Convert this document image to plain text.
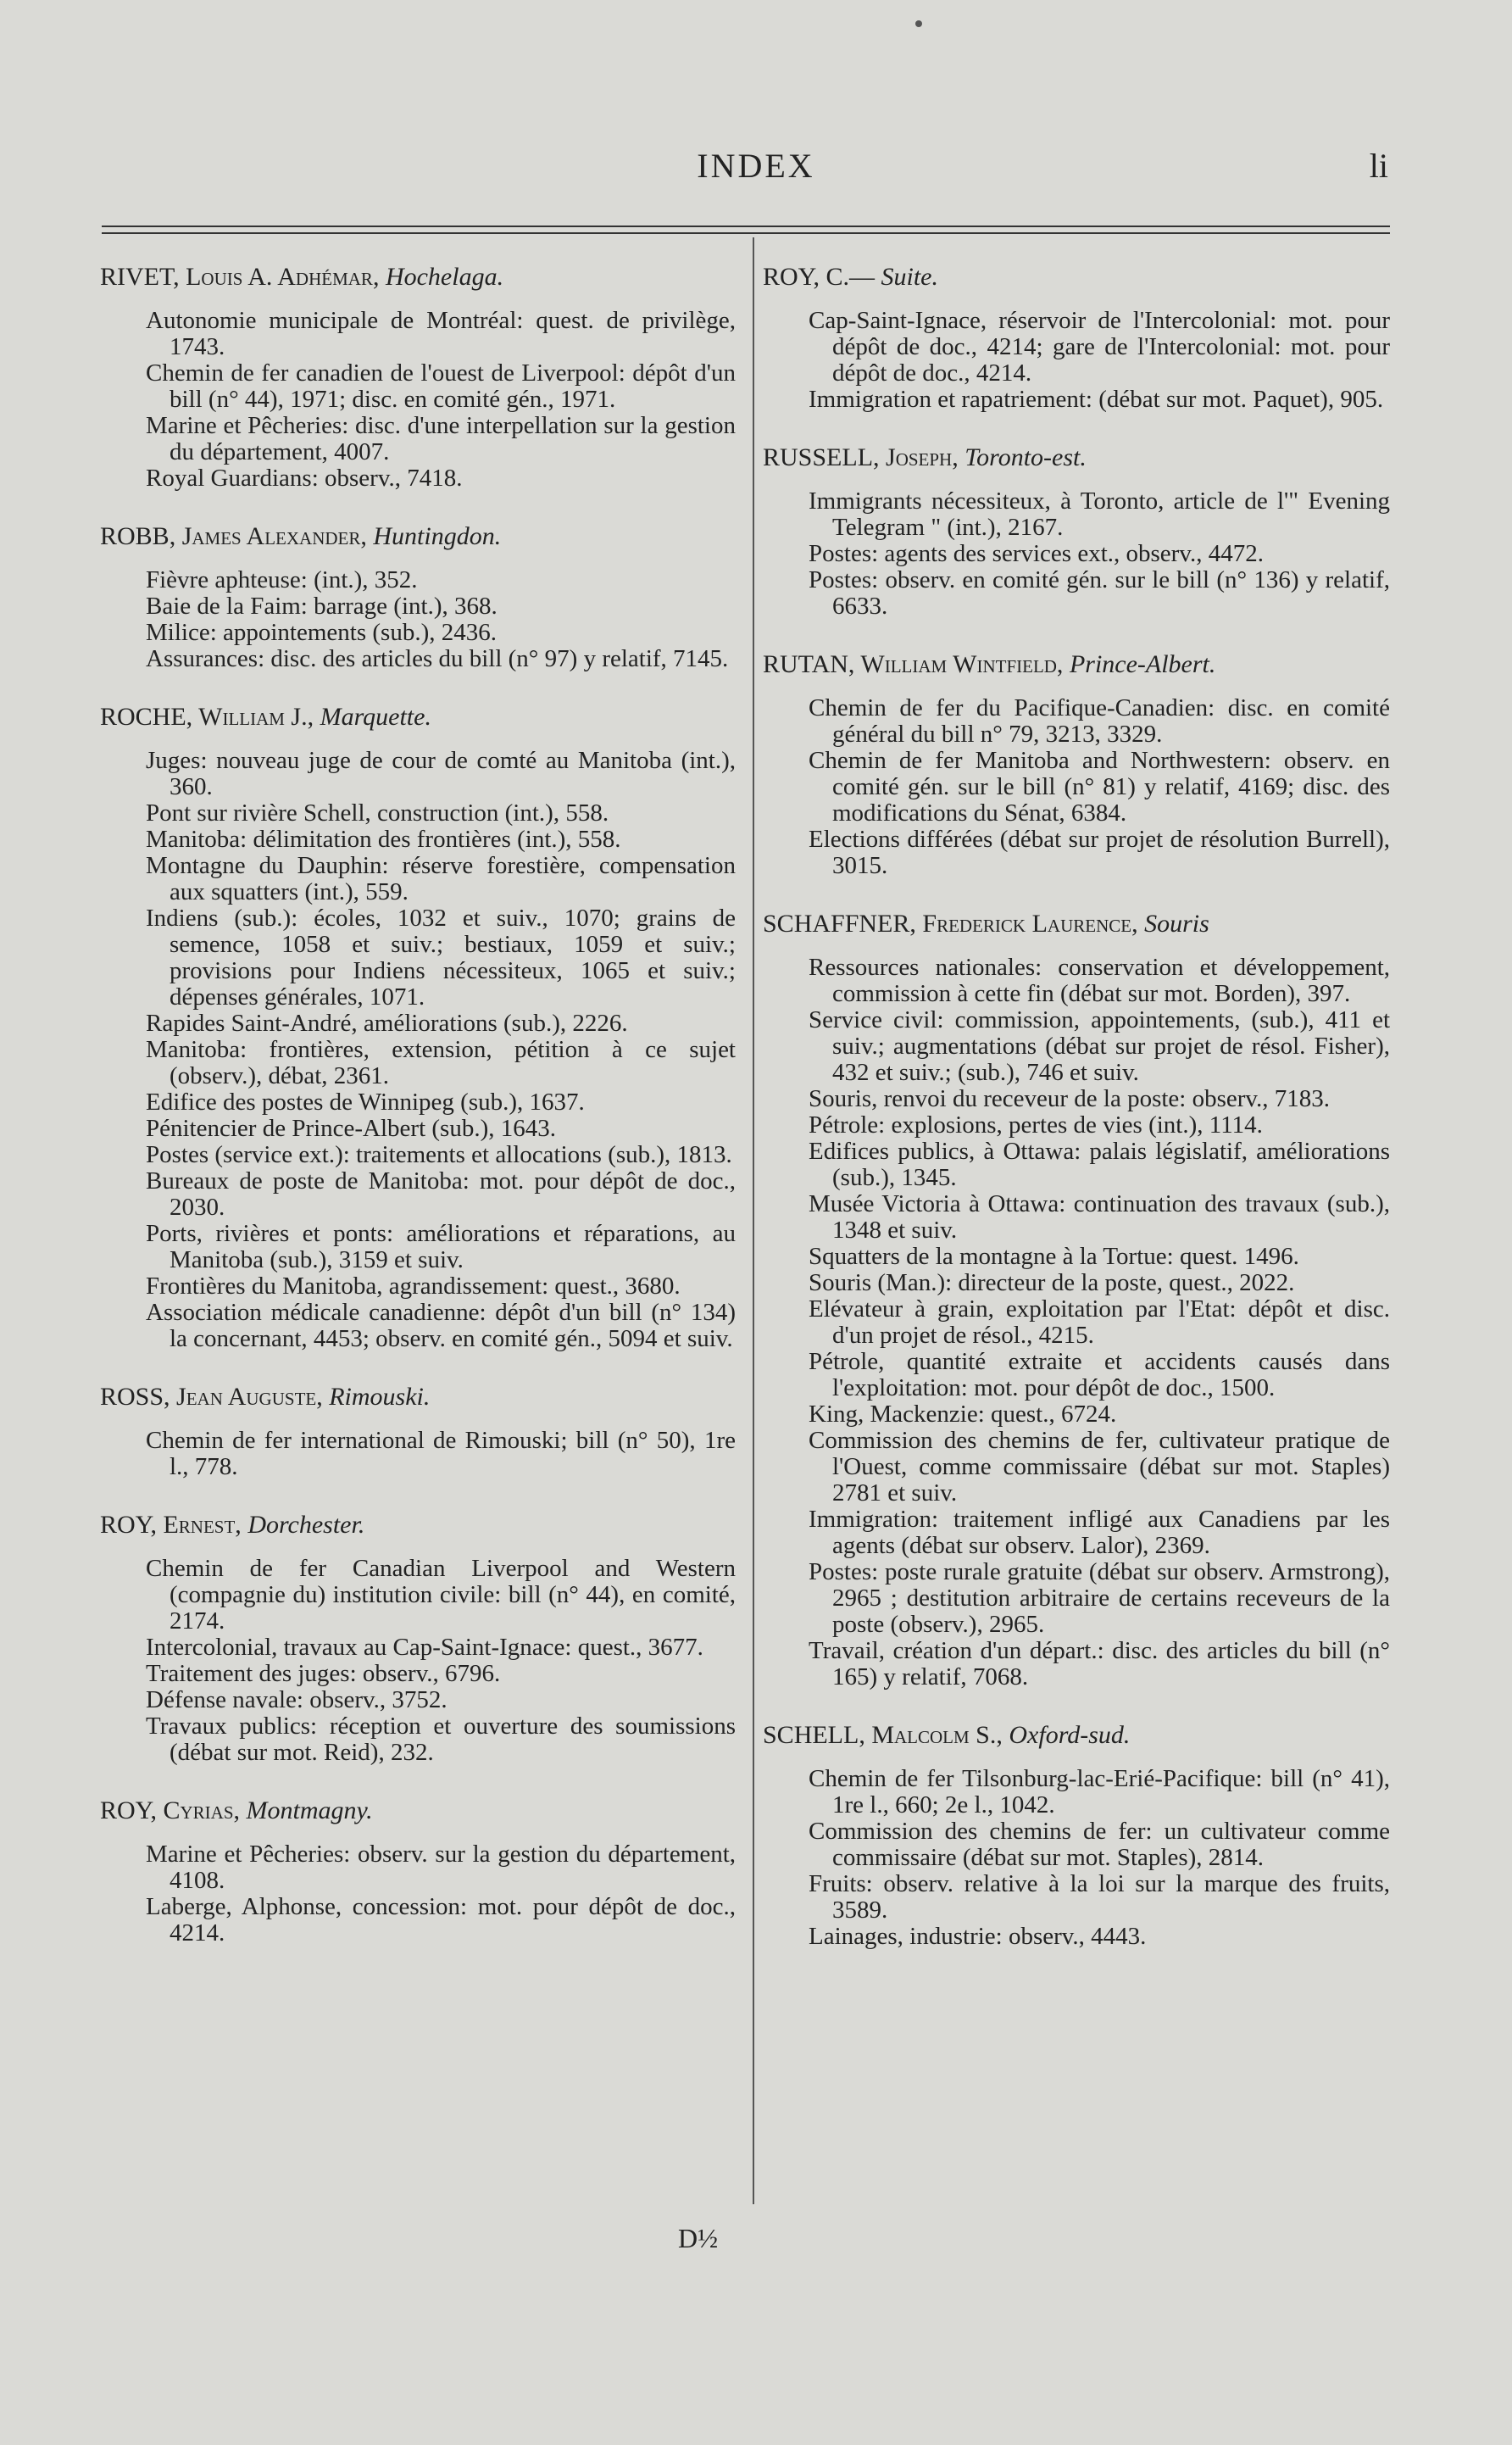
INDEX	li
RIVET, Louis A. Adhémar, Hochelaga.
Autonomie municipale de Montréal: quest. de privilège, 1743.
Chemin de fer canadien de l'ouest de Liverpool: dépôt d'un bill (n° 44), 1971; disc. en comité gén., 1971.
Marine et Pêcheries: disc. d'une interpellation sur la gestion du département, 4007.
Royal Guardians: observ., 7418.
ROBB, James Alexander, Huntingdon.
Fièvre aphteuse: (int.), 352.
Baie de la Faim: barrage (int.), 368.
Milice: appointements (sub.), 2436.
Assurances: disc. des articles du bill (n° 97) y relatif, 7145.
ROCHE, William J., Marquette.
Juges: nouveau juge de cour de comté au Manitoba (int.), 360.
Pont sur rivière Schell, construction (int.), 558.
Manitoba: délimitation des frontières (int.), 558.
Montagne du Dauphin: réserve forestière, compensation aux squatters (int.), 559.
Indiens (sub.): écoles, 1032 et suiv., 1070; grains de semence, 1058 et suiv.; bestiaux, 1059 et suiv.; provisions pour Indiens nécessiteux, 1065 et suiv.; dépenses générales, 1071.
Rapides Saint-André, améliorations (sub.), 2226.
Manitoba: frontières, extension, pétition à ce sujet (observ.), débat, 2361.
Edifice des postes de Winnipeg (sub.), 1637.
Pénitencier de Prince-Albert (sub.), 1643.
Postes (service ext.): traitements et allocations (sub.), 1813.
Bureaux de poste de Manitoba: mot. pour dépôt de doc., 2030.
Ports, rivières et ponts: améliorations et réparations, au Manitoba (sub.), 3159 et suiv.
Frontières du Manitoba, agrandissement: quest., 3680.
Association médicale canadienne: dépôt d'un bill (n° 134) la concernant, 4453; observ. en comité gén., 5094 et suiv.
ROSS, Jean Auguste, Rimouski.
Chemin de fer international de Rimouski; bill (n° 50), 1re l., 778.
ROY, Ernest, Dorchester.
Chemin de fer Canadian Liverpool and Western (compagnie du) institution civile: bill (n° 44), en comité, 2174.
Intercolonial, travaux au Cap-Saint-Ignace: quest., 3677.
Traitement des juges: observ., 6796.
Défense navale: observ., 3752.
Travaux publics: réception et ouverture des soumissions (débat sur mot. Reid), 232.
ROY, Cyrias, Montmagny.
Marine et Pêcheries: observ. sur la gestion du département, 4108.
Laberge, Alphonse, concession: mot. pour dépôt de doc., 4214.
ROY, C.— Suite.
Cap-Saint-Ignace, réservoir de l'Intercolonial: mot. pour dépôt de doc., 4214; gare de l'Intercolonial: mot. pour dépôt de doc., 4214.
Immigration et rapatriement: (débat sur mot. Paquet), 905.
RUSSELL, Joseph, Toronto-est.
Immigrants nécessiteux, à Toronto, article de l'" Evening Telegram " (int.), 2167.
Postes: agents des services ext., observ., 4472.
Postes: observ. en comité gén. sur le bill (n° 136) y relatif, 6633.
RUTAN, William Wintfield, Prince-Albert.
Chemin de fer du Pacifique-Canadien: disc. en comité général du bill n° 79, 3213, 3329.
Chemin de fer Manitoba and Northwestern: observ. en comité gén. sur le bill (n° 81) y relatif, 4169; disc. des modifications du Sénat, 6384.
Elections différées (débat sur projet de résolution Burrell), 3015.
SCHAFFNER, Frederick Laurence, Souris
Ressources nationales: conservation et développement, commission à cette fin (débat sur mot. Borden), 397.
Service civil: commission, appointements, (sub.), 411 et suiv.; augmentations (débat sur projet de résol. Fisher), 432 et suiv.; (sub.), 746 et suiv.
Souris, renvoi du receveur de la poste: observ., 7183.
Pétrole: explosions, pertes de vies (int.), 1114.
Edifices publics, à Ottawa: palais législatif, améliorations (sub.), 1345.
Musée Victoria à Ottawa: continuation des travaux (sub.), 1348 et suiv.
Squatters de la montagne à la Tortue: quest. 1496.
Souris (Man.): directeur de la poste, quest., 2022.
Elévateur à grain, exploitation par l'Etat: dépôt et disc. d'un projet de résol., 4215.
Pétrole, quantité extraite et accidents causés dans l'exploitation: mot. pour dépôt de doc., 1500.
King, Mackenzie: quest., 6724.
Commission des chemins de fer, cultivateur pratique de l'Ouest, comme commissaire (débat sur mot. Staples) 2781 et suiv.
Immigration: traitement infligé aux Canadiens par les agents (débat sur observ. Lalor), 2369.
Postes: poste rurale gratuite (débat sur observ. Armstrong), 2965 ; destitution arbitraire de certains receveurs de la poste (observ.), 2965.
Travail, création d'un départ.: disc. des articles du bill (n° 165) y relatif, 7068.
SCHELL, Malcolm S., Oxford-sud.
Chemin de fer Tilsonburg-lac-Erié-Pacifique: bill (n° 41), 1re l., 660; 2e l., 1042.
Commission des chemins de fer: un cultivateur comme commissaire (débat sur mot. Staples), 2814.
Fruits: observ. relative à la loi sur la marque des fruits, 3589.
Lainages, industrie: observ., 4443.
D½
